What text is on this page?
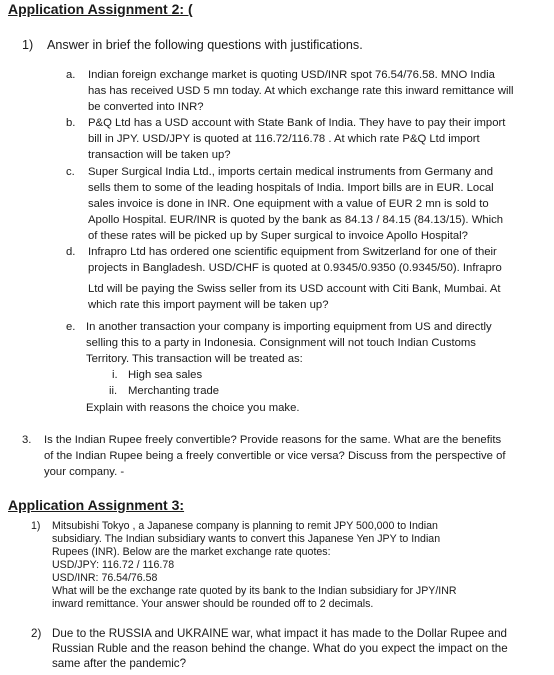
Application Assignment 2: (
1) Answer in brief the following questions with justifications.
a. Indian foreign exchange market is quoting USD/INR spot 76.54/76.58. MNO India
has has received USD 5 mn today. At which exchange rate this inward remittance will
be converted into INR?
b. P&Q Ltd has a USD account with State Bank of India. They have to pay their import
bill in JPY. USD/JPY is quoted at 116.72/116.78 . At which rate P&Q Ltd import
transaction will be taken up?
c. Super Surgical India Ltd., imports certain medical instruments from Germany and
sells them to some of the leading hospitals of India. Import bills are in EUR. Local
sales invoice is done in INR. One equipment with a value of EUR 2 mn is sold to
Apollo Hospital. EUR/INR is quoted by the bank as 84.13 / 84.15 (84.13/15). Which
of these rates will be picked up by Super surgical to invoice Apollo Hospital?
d. Infrapro Ltd has ordered one scientific equipment from Switzerland for one of their
projects in Bangladesh. USD/CHF is quoted at 0.9345/0.9350 (0.9345/50). Infrapro
Ltd will be paying the Swiss seller from its USD account with Citi Bank, Mumbai. At
which rate this import payment will be taken up?
e. In another transaction your company is importing equipment from US and directly
selling this to a party in Indonesia. Consignment will not touch Indian Customs
Territory. This transaction will be treated as:
i. High sea sales
ii. Merchanting trade
Explain with reasons the choice you make.
3. Is the Indian Rupee freely convertible? Provide reasons for the same. What are the benefits
of the Indian Rupee being a freely convertible or vice versa? Discuss from the perspective of
your company. -
Application Assignment 3:
1) Mitsubishi Tokyo , a Japanese company is planning to remit JPY 500,000 to Indian
subsidiary. The Indian subsidiary wants to convert this Japanese Yen JPY to Indian
Rupees (INR). Below are the market exchange rate quotes:
USD/JPY: 116.72 / 116.78
USD/INR: 76.54/76.58
What will be the exchange rate quoted by its bank to the Indian subsidiary for JPY/INR
inward remittance. Your answer should be rounded off to 2 decimals.
2) Due to the RUSSIA and UKRAINE war, what impact it has made to the Dollar Rupee and
Russian Ruble and the reason behind the change. What do you expect the impact on the
same after the pandemic?
